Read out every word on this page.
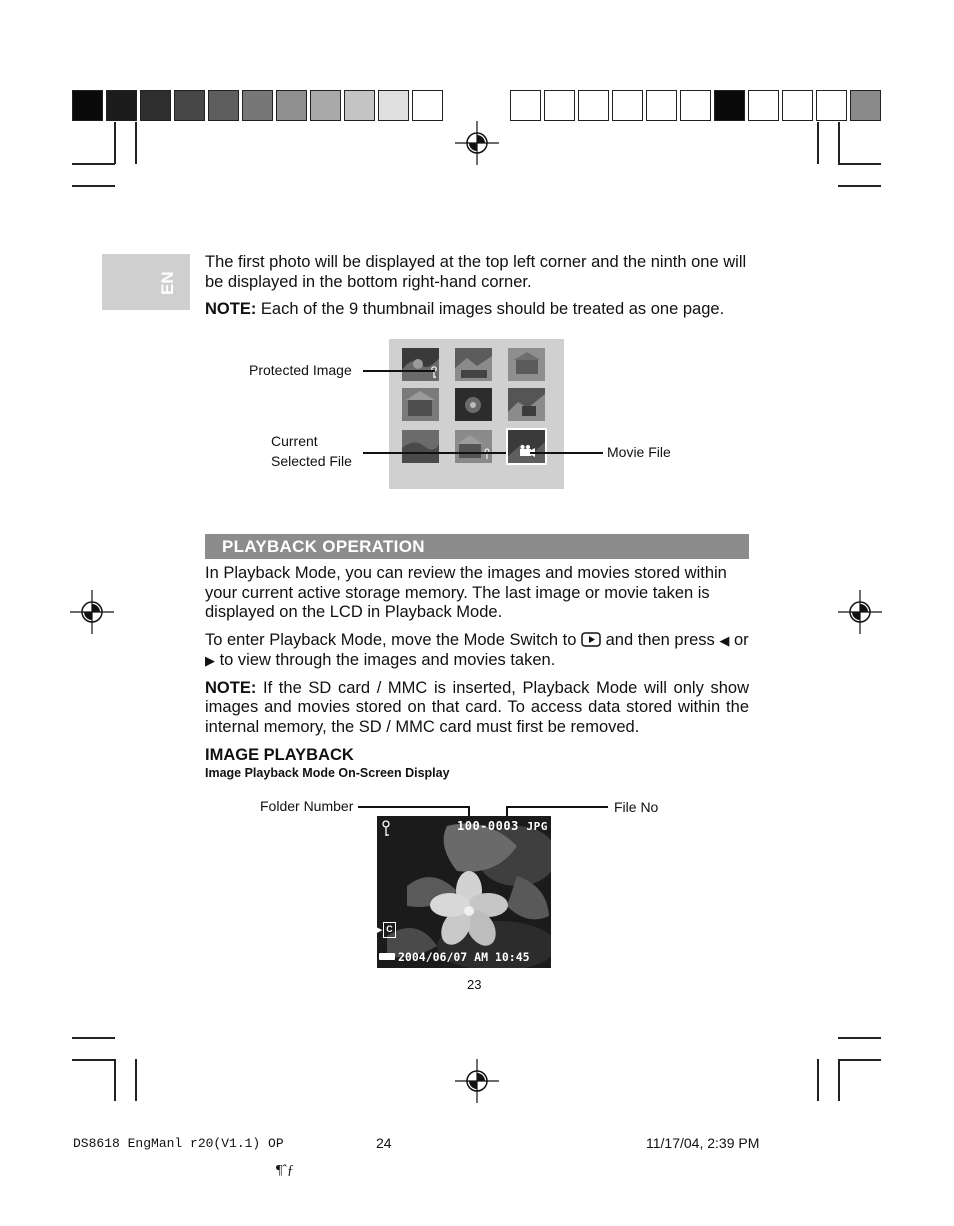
EN

The first photo will be displayed at the top left corner and the ninth one will be displayed in the bottom right-hand corner.

NOTE: Each of the 9 thumbnail images should be treated as one page.

Protected Image
Current
Selected File
Movie File
PLAYBACK OPERATION

In Playback Mode, you can review the images and movies stored within your current active storage memory. The last image or movie taken is displayed on the LCD in Playback Mode.

To enter Playback Mode, move the Mode Switch to  and then press ◀ or ▶ to view through the images and movies taken.

NOTE: If the SD card / MMC is inserted, Playback Mode will only show images and movies stored on that card. To access data stored within the internal memory, the SD / MMC card must first be removed.

IMAGE PLAYBACK

Image Playback Mode On-Screen Display

Folder Number	File No
100-0003 JPG
C
▶
2004/06/07 AM 10:45
23
DS8618 EngManl r20(V1.1) OP	24	11/17/04, 2:39 PM
¶ˆƒ
